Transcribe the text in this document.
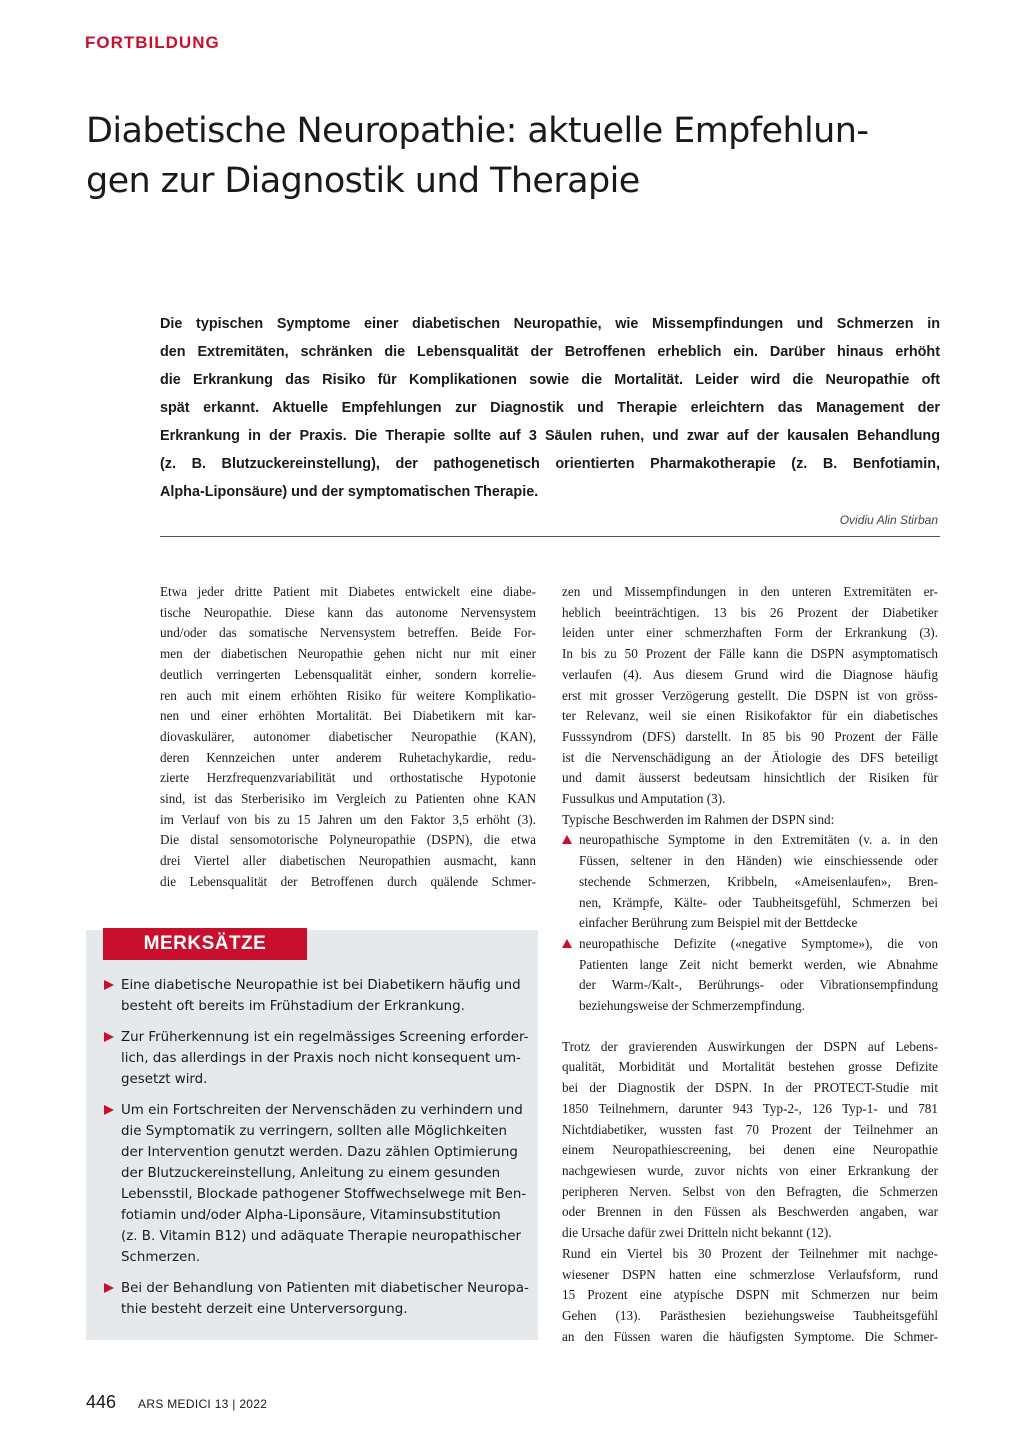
FORTBILDUNG

Diabetische Neuropathie: aktuelle Empfehlun-
gen zur Diagnostik und Therapie
Die typischen Symptome einer diabetischen Neuropathie, wie Missempfindungen und Schmerzen in
den Extremitäten, schränken die Lebensqualität der Betroffenen erheblich ein. Darüber hinaus erhöht
die Erkrankung das Risiko für Komplikationen sowie die Mortalität. Leider wird die Neuropathie oft
spät erkannt. Aktuelle Empfehlungen zur Diagnostik und Therapie erleichtern das Management der
Erkrankung in der Praxis. Die Therapie sollte auf 3 Säulen ruhen, und zwar auf der kausalen Behandlung
(z. B. Blutzuckereinstellung), der pathogenetisch orientierten Pharmakotherapie (z. B. Benfotiamin,
Alpha-Liponsäure) und der symptomatischen Therapie.

Ovidiu Alin Stirban

Etwa jeder dritte Patient mit Diabetes entwickelt eine diabe-
tische Neuropathie. Diese kann das autonome Nervensystem
und/oder das somatische Nervensystem betreffen. Beide For-
men der diabetischen Neuropathie gehen nicht nur mit einer
deutlich verringerten Lebensqualität einher, sondern korrelie-
ren auch mit einem erhöhten Risiko für weitere Komplikatio-
nen und einer erhöhten Mortalität. Bei Diabetikern mit kar-
diovaskulärer, autonomer diabetischer Neuropathie (KAN),
deren Kennzeichen unter anderem Ruhetachykardie, redu-
zierte Herzfrequenzvariabilität und orthostatische Hypotonie
sind, ist das Sterberisiko im Vergleich zu Patienten ohne KAN
im Verlauf von bis zu 15 Jahren um den Faktor 3,5 erhöht (3).
Die distal sensomotorische Polyneuropathie (DSPN), die etwa
drei Viertel aller diabetischen Neuropathien ausmacht, kann
die Lebensqualität der Betroffenen durch quälende Schmer-
zen und Missempfindungen in den unteren Extremitäten er-
heblich beeinträchtigen. 13 bis 26 Prozent der Diabetiker
leiden unter einer schmerzhaften Form der Erkrankung (3).
In bis zu 50 Prozent der Fälle kann die DSPN asymptomatisch
verlaufen (4). Aus diesem Grund wird die Diagnose häufig
erst mit grosser Verzögerung gestellt. Die DSPN ist von gröss-
ter Relevanz, weil sie einen Risikofaktor für ein diabetisches
Fusssyndrom (DFS) darstellt. In 85 bis 90 Prozent der Fälle
ist die Nervenschädigung an der Ätiologie des DFS beteiligt
und damit äusserst bedeutsam hinsichtlich der Risiken für
Fussulkus und Amputation (3).
Typische Beschwerden im Rahmen der DSPN sind:
neuropathische Symptome in den Extremitäten (v. a. in den
Füssen, seltener in den Händen) wie einschiessende oder
stechende Schmerzen, Kribbeln, «Ameisenlaufen», Bren-
nen, Krämpfe, Kälte- oder Taubheitsgefühl, Schmerzen bei
einfacher Berührung zum Beispiel mit der Bettdecke
neuropathische Defizite («negative Symptome»), die von
Patienten lange Zeit nicht bemerkt werden, wie Abnahme
der Warm-/Kalt-, Berührungs- oder Vibrationsempfindung
beziehungsweise der Schmerzempfindung.
Trotz der gravierenden Auswirkungen der DSPN auf Lebens-
qualität, Morbidität und Mortalität bestehen grosse Defizite
bei der Diagnostik der DSPN. In der PROTECT-Studie mit
1850 Teilnehmern, darunter 943 Typ-2-, 126 Typ-1- und 781
Nichtdiabetiker, wussten fast 70 Prozent der Teilnehmer an
einem Neuropathiescreening, bei denen eine Neuropathie
nachgewiesen wurde, zuvor nichts von einer Erkrankung der
peripheren Nerven. Selbst von den Befragten, die Schmerzen
oder Brennen in den Füssen als Beschwerden angaben, war
die Ursache dafür zwei Dritteln nicht bekannt (12).
Rund ein Viertel bis 30 Prozent der Teilnehmer mit nachge-
wiesener DSPN hatten eine schmerzlose Verlaufsform, rund
15 Prozent eine atypische DSPN mit Schmerzen nur beim
Gehen (13). Parästhesien beziehungsweise Taubheitsgefühl
an den Füssen waren die häufigsten Symptome. Die Schmer-

MERKSÄTZE

Eine diabetische Neuropathie ist bei Diabetikern häufig und
besteht oft bereits im Frühstadium der Erkrankung.
Zur Früherkennung ist ein regelmässiges Screening erforder-
lich, das allerdings in der Praxis noch nicht konsequent um-
gesetzt wird.
Um ein Fortschreiten der Nervenschäden zu verhindern und
die Symptomatik zu verringern, sollten alle Möglichkeiten
der Intervention genutzt werden. Dazu zählen Optimierung
der Blutzuckereinstellung, Anleitung zu einem gesunden
Lebensstil, Blockade pathogener Stoffwechselwege mit Ben-
fotiamin und/oder Alpha-Liponsäure, Vitaminsubstitution
(z. B. Vitamin B12) und adäquate Therapie neuropathischer
Schmerzen.
Bei der Behandlung von Patienten mit diabetischer Neuropa-
thie besteht derzeit eine Unterversorgung.
446 ARS MEDICI 13 | 2022
